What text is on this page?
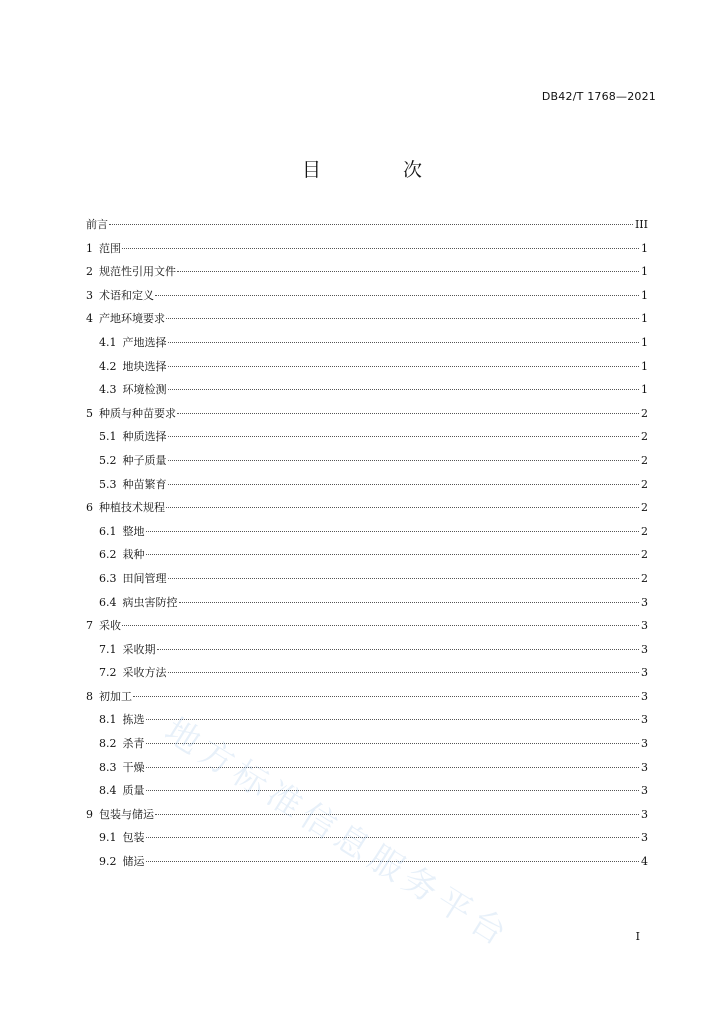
DB42/T 1768—2021
目 次
前言	III
1 范围	1
2 规范性引用文件	1
3 术语和定义	1
4 产地环境要求	1
4.1 产地选择	1
4.2 地块选择	1
4.3 环境检测	1
5 种质与种苗要求	2
5.1 种质选择	2
5.2 种子质量	2
5.3 种苗繁育	2
6 种植技术规程	2
6.1 整地	2
6.2 栽种	2
6.3 田间管理	2
6.4 病虫害防控	3
7 采收	3
7.1 采收期	3
7.2 采收方法	3
8 初加工	3
8.1 拣选	3
8.2 杀青	3
8.3 干燥	3
8.4 质量	3
9 包装与储运	3
9.1 包装	3
9.2 储运	4
I
地方标准信息服务平台
